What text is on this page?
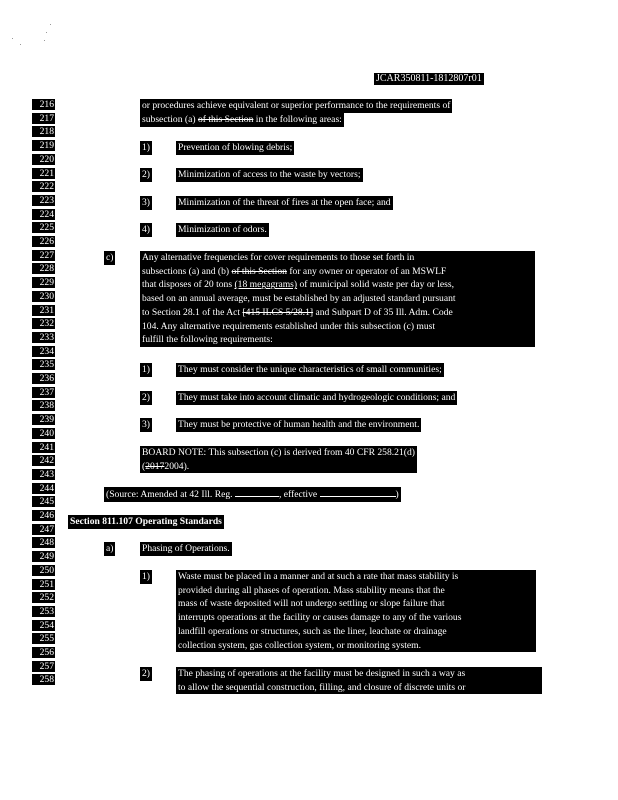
JCAR350811-1812807r01
216
217
218
219
220
221
222
223
224
225
226
227
228
229
230
231
232
233
234
235
236
237
238
239
240
241
242
243
244
245
246
247
248
249
250
251
252
253
254
255
256
257
258
or procedures achieve equivalent or superior performance to the requirements of
subsection (a) of this Section in the following areas:
1)	Prevention of blowing debris;
2)	Minimization of access to the waste by vectors;
3)	Minimization of the threat of fires at the open face; and
4)	Minimization of odors.
c)	Any alternative frequencies for cover requirements to those set forth in
subsections (a) and (b) of this Section for any owner or operator of an MSWLF
that disposes of 20 tons (18 megagrams) of municipal solid waste per day or less,
based on an annual average, must be established by an adjusted standard pursuant
to Section 28.1 of the Act [415 ILCS 5/28.1] and Subpart D of 35 Ill. Adm. Code
104. Any alternative requirements established under this subsection (c) must
fulfill the following requirements:
1)	They must consider the unique characteristics of small communities;
2)	They must take into account climatic and hydrogeologic conditions; and
3)	They must be protective of human health and the environment.
BOARD NOTE: This subsection (c) is derived from 40 CFR 258.21(d)
(20172004).
(Source: Amended at 42 Ill. Reg.	, effective	)
Section 811.107 Operating Standards
a)	Phasing of Operations.
1)	Waste must be placed in a manner and at such a rate that mass stability is
provided during all phases of operation. Mass stability means that the
mass of waste deposited will not undergo settling or slope failure that
interrupts operations at the facility or causes damage to any of the various
landfill operations or structures, such as the liner, leachate or drainage
collection system, gas collection system, or monitoring system.
2)	The phasing of operations at the facility must be designed in such a way as
to allow the sequential construction, filling, and closure of discrete units or
